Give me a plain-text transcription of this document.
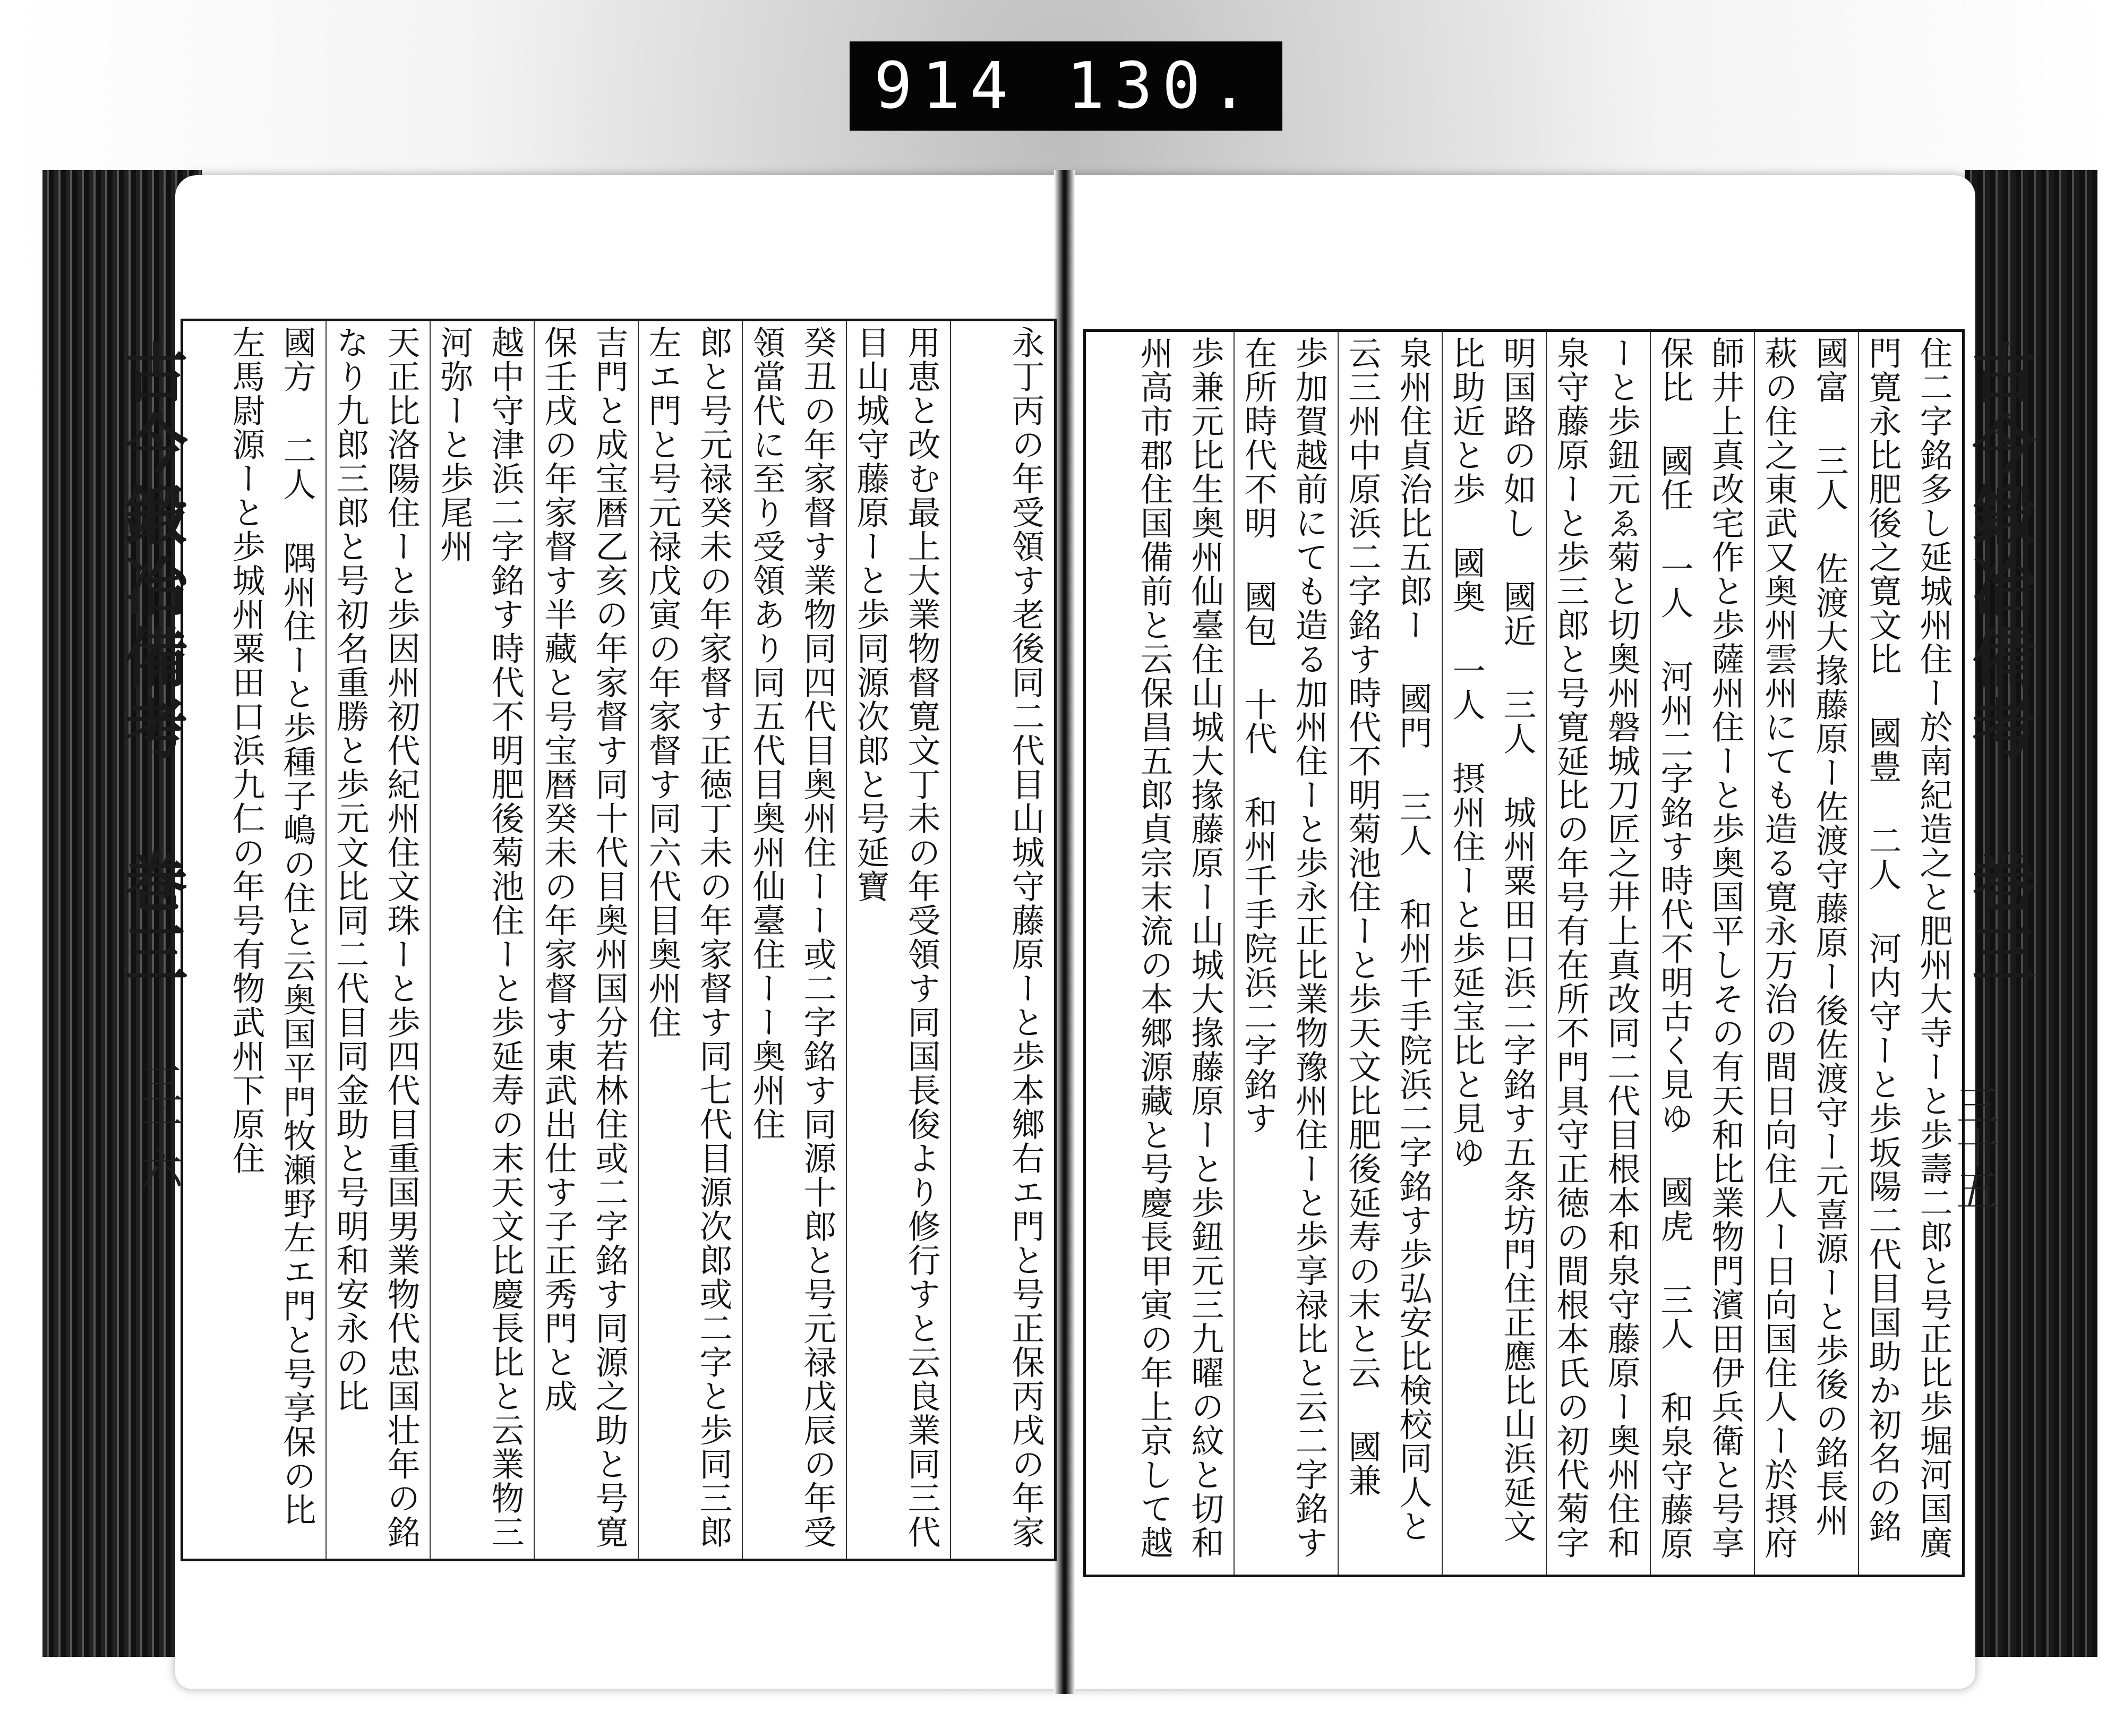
914 130.
古今鍛冶備考 巻三	古今鍛冶備考 巻三
三十六	三十五
永丁丙の年受領す老後同二代目山城守藤原ーと歩本鄉右エ門と号正保丙戌の年家
用恵と改む最上大業物督寛文丁未の年受領す同国長俊より修行すと云良業同三代目山城守藤原ーと歩同源次郎と号延寶
癸丑の年家督す業物同四代目奥州住ーー或二字銘す同源十郎と号元禄戊辰の年受領當代に至り受領あり同五代目奥州仙臺住ーー奥州住
郎と号元禄癸未の年家督す正徳丁未の年家督す同七代目源次郎或二字と歩同三郎左エ門と号元禄戊寅の年家督す同六代目奥州住
吉門と成宝暦乙亥の年家督す同十代目奥州国分若林住或二字銘す同源之助と号寛保壬戌の年家督す半藏と号宝暦癸未の年家督す東武出仕す子正秀門と成
越中守津浜二字銘す時代不明肥後菊池住ーと歩延寿の末天文比慶長比と云業物三河弥ーと歩尾州
天正比洛陽住ーと歩因州初代紀州住文珠ーと歩四代目重国男業物代忠国壮年の銘なり九郎三郎と号初名重勝と歩元文比同二代目同金助と号明和安永の比
國方 二人 隅州住ーと歩種子嶋の住と云奥国平門牧瀬野左エ門と号享保の比左馬尉源ーと歩城州粟田口浜九仁の年号有物武州下原住	住二字銘多し延城州住ー於南紀造之と肥州大寺ーと歩壽二郎と号正比歩堀河国廣門寛永比肥後之寛文比 國豊 二人 河内守ーと歩坂陽二代目国助か初名の銘
國富 三人 佐渡大掾藤原ー佐渡守藤原ー後佐渡守ー元喜源ーと歩後の銘長州萩の住之東武又奥州雲州にても造る寛永万治の間日向住人ー日向国住人ー於摂府
師井上真改宅作と歩薩州住ーと歩奥国平しその有天和比業物門濱田伊兵衛と号享保比 國任 一人 河州二字銘す時代不明古く見ゆ 國虎 三人 和泉守藤原
ーと歩鈕元ゑ菊と切奥州磐城刀匠之井上真改同二代目根本和泉守藤原ー奥州住和泉守藤原ーと歩三郎と号寛延比の年号有在所不門具守正徳の間根本氏の初代菊字
明国路の如し 國近 三人 城州粟田口浜二字銘す五条坊門住正應比山浜延文比助近と歩 國奥 一人 摂州住ーと歩延宝比と見ゆ
泉州住貞治比五郎ー 國門 三人 和州千手院浜二字銘す歩弘安比検校同人と云三州中原浜二字銘す時代不明菊池住ーと歩天文比肥後延寿の末と云 國兼
歩加賀越前にても造る加州住ーと歩永正比業物豫州住ーと歩享禄比と云二字銘す在所時代不明 國包 十代 和州千手院浜二字銘す
歩兼元比生奥州仙臺住山城大掾藤原ー山城大掾藤原ーと歩鈕元三九曜の紋と切和州高市郡住国備前と云保昌五郎貞宗末流の本郷源藏と号慶長甲寅の年上京して越
